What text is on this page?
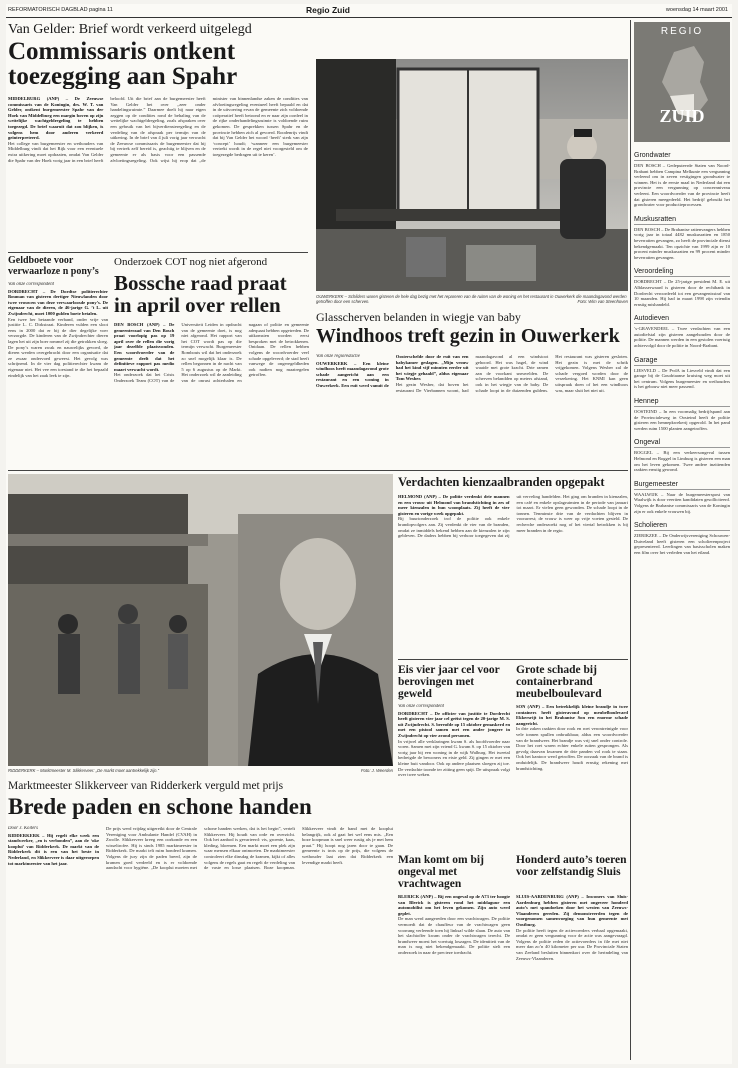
REFORMATORISCH DAGBLAD pagina 11	Regio Zuid	woensdag 14 maart 2001
Van Gelder: Brief wordt verkeerd uitgelegd
Commissaris ontkent toezegging aan Spahr
MIDDELBURG (ANP) – De Zeeuwse commissaris van de Koningin, drs. W. T. van Gelder, ontkent burgemeester Spahr van der Hoek van Middelburg een margin boven op zijn wettelijke wachtgeldregeling te hebben toegezegd. De brief waaruit dat zou blijken, is volgens hem door anderen verkeerd geïnterpreteerd.
Het college van burgemeester en wethouders van Middelburg vindt dat het Rijk voor een eventuele extra uitkering moet opdraaien, omdat Van Gelder die Spahr van der Hoek vorig jaar in een brief heeft beloofd. Uit die brief aan de burgemeester heeft Van Gelder het over „zeer onder handelingsruimte.” Daarmee doelt hij naar eigen zeggen op de condities rond de behaling van de wettelijke wachtgeldregeling, zoals afspraken over een gebruik van het bijverdiensteregeling en de verdeling van de afspraak per termijn van de uitkering. In de brief van 4 juli vorig jaar verwacht de Zeeuwse commissaris de burgemeester dat hij bij vertrek zelf bereid is, geachtig te blijven en de gemeente er als basis voor een passende afvloeiingsregeling. Ook wijst hij erop dat „de minister van binnenlandse zaken de condities van afvloeiingsregeling eventueel heeft bepaald en dat in de uitvoering ervan de gemeente zich voldoende coöperatief heeft betoond en er naar zijn oordeel in de rijke onderhandelingsruimte is voldoende ruim gekomen. De gesprekken tussen Spahr en de provincie hebben zich al gevoerd. Roodenrijs vindt dat bij Van Gelder het woord ‘heeft’ sterk van zijn ‘concept’ houdt; ‘wanneer een burgemeester vertrekt wordt in de regel niet voorgesteld om de toegezegde bedragen uit te keren’.
OUWERKERK – Schilders waren gisteren de hele dag bezig met het repareren van de ruiten van de woning en het restaurant in Ouwerkerk die maandagavond werden getroffen door een scherven.	Foto: Wim van Steenhoven
Geldboete voor verwaarloze n pony’s
Van onze correspondent
DORDRECHT – De Dordtse politierechter Bouman van gisteren dertiger Nieuwlanden door twee vrouwen van deze verwaarloosde pony’s. De eigenaar van de dieren, de 46-jarige G. ’t L. uit Zwijndrecht, moet 1000 gulden boete betalen.
Een twee her betaande verband, onder vrije van justitie L. C. Dirkstraat. Kinderen vulden een sloot eens in 2000 dat er bij de dier degelijke voer verzorgde. De kinderen van de Zwijndrechter dieren lagen het uit zijn boer rommel zij die getrokken sloeg. De pony’s waren zwak en nauwelijks gevoed, de dieren werden overgebracht door een organisatie dat ze zwaar ondervoed geweest. Het gevolg was schrijnend. In de vier dag politierechter kwam de eigenaar niet. Het vee een toestand te die het bepaald eindelijk van het zaak leek te zijn.
Onderzoek COT nog niet afgerond
Bossche raad praat in april over rellen
DEN BOSCH (ANP) – De gemeenteraad van Den Bosch praat voorlopig pas op 19 april over de rellen die vorig jaar dezelfde plaatsvonden. Een woordvoerder van de gemeente deelt dat het definitieve rapport pas medio maart verwacht wordt.
Het onderzoek dat het Crisis Onderzoek Team (COT) van de Universiteit Leiden in opdracht van de gemeente doet, is nog niet afgerond. Het rapport van het COT wordt pas op die termijn verwacht. Burgemeester Rombouts wil dat het onderzoek zo snel mogelijk klaar is. De rellen begonnen in de nacht van 5 op 6 augustus op de Markt. Het onderzoek wil de aanleiding van de onrust achterhalen en nagaan of politie en gemeente adequaat hebben opgetreden. De uitkomsten worden eerst besproken met de betrokkenen. Ontdaan. De rellen hebben volgens de woordvoerder veel schade opgeleverd; de stad heeft vanwege de ongeregeldheden ook nadien nog maatregelen getroffen.
Glasscherven belanden in wiegje van baby
Windhoos treft gezin in Ouwerkerk
Van onze regioredactie
OUWERKERK – Een kleine windhoos heeft maandagavond grote schade aangericht aan een restaurant en een woning in Ouwerkerk. Een ruit werd vanuit de Oosterschelde door de ruit van een babykamer geslagen. „Mijn vrouw had het kind vijf minuten eerder uit het wiegje gehaald”, aldus eigenaar Tom Wesber.
Het gezin Wesber, dat boven het restaurant De Vierbannen woont, had maandagavond al een windstoot gehoord. Het was hagel, de wind waaide met grote kracht. Drie ramen aan de voorkant sneuvelden. De scherven belandden op meters afstand, ook in het wiegje van de baby. De schade loopt in de duizenden guldens. Het restaurant was gisteren gesloten. Het gezin is met de schrik vrijgekomen. Volgens Wesber zal de schade vergoed worden door de verzekering. Het KNMI kan geen uitspraak doen of het een windhoos was, maar sluit het niet uit.
RIDDERKERK – Marktmeester M. Slikkerveer: „De markt moet aantrekkelijk zijn.”	Foto: J. Weerden
Verdachten kienzaalbranden opgepakt
HELMOND (ANP) – De politie verdenkt drie mannen en een vrouw uit Helmond van brandstichting in zes of meer kienzalen in hun woonplaats. Zij heeft de vier gisteren en vorige week opgepakt.
Bij buurtonderzoek trof de politie ook enkele brandopvolgers aan. Zij verdenkt de vier van de branden, omdat ze inmiddels bekend hebben aan de kienzalen te zijn gebleven. De daders hebben bij verhoor toegegeven dat zij uit verveling handelden. Het ging om branden in kienzalen, een café en enkele opslagruimten in de periode van januari tot maart. Er vielen geen gewonden. De schade loopt in de tonnen. Tenminste drie van de verdachten blijven in voorarrest; de vrouw is weer op vrije voeten gesteld. De recherche onderzoekt nog of het viertal betrokken is bij meer branden in de regio.
Eis vier jaar cel voor berovingen met geweld
Van onze correspondent
DORDRECHT – De officier van justitie te Dordrecht heeft gisteren vier jaar cel geëist tegen de 20-jarige M. S. uit Zwijndrecht. S. bereofde op 15 oktober gemaskerd en met een pistool samen met een ander jongere in Zwijndrecht op vier avond personen.
In vrijwel alle verklaringen kwam S. als hoofdvoerder naar voren. Samen met zijn vriend G. kwam S. op 15 oktober van vorig jaar bij een woning in de wijk Walburg. Het tweetal bedreigde de bewoners en eiste geld. Zij gingen er met een kleine buit vandoor. Ook op andere plaatsen sloegen zij toe. De verdachte toonde ter zitting geen spijt. De uitspraak volgt over twee weken.
Grote schade bij containerbrand meubelboulevard
SON (ANP) – Een betrekkelijk kleine brandje in twee containers heeft gisteravond op meubelboulevard Ekkersrijt in het Brabantse Son een enorme schade aangericht.
In drie zaken raakten door rook en roet verontreinigde voor vele tonnen spullen onbruikbaar, aldus een woordvoerder van de brandweer. Het brandje was vrij snel onder controle. Door het roet waren echter enkele ruiten gesprongen. Als gevolg daarvan kwamen de drie panden vol rook te staan. Ook het kantoor werd getroffen. De oorzaak van de brand is onduidelijk. De brandweer houdt ernstig rekening met brandstichting.
Marktmeester Slikkerveer van Ridderkerk verguld met prijs
Brede paden en schone handen
Door J. Koiters
RIDDERKERK – Hij regelt elke week een standwerker, „en is verbonden”, aan de ‘oke kooplui’ van Ridderkerk. De markt van de Ridderkerk dit is een van het beste in Nederland, en Slikkerveer is daar uitgeroepen tot marktmeester van het jaar.
De prijs werd vrijdag uitgereikt door de Centrale Vereniging voor Ambulante Handel (CVAH) in Zwolle. Slikkerveer kreeg een oorkonde en een wisseltrofee. Hij is sinds 1985 marktmeester in Ridderkerk. De markt telt ruim honderd kramen. Volgens de jury zijn de paden breed, zijn de kramen goed verdeeld en is er voldoende aandacht voor hygiëne. „De kooplui moeten met schone handen werken, dat is het begin”, vertelt Slikkerveer. Hij houdt van orde en overzicht. Ook het aanbod is gevarieerd: vis, groente, kaas, kleding, bloemen. Een markt moet een plek zijn waar mensen elkaar ontmoeten. De marktmeester controleert elke dinsdag de kramen, kijkt of alles volgens de regels gaat en regelt de verdeling van de vaste en losse plaatsen. Boze koopman. Slikkerveer vindt de band met de kooplui belangrijk, ook al gaat het wel eens mis. „Een boze koopman is snel weer rustig als je met hem praat.” Hij hoopt nog jaren door te gaan. De gemeente is trots op de prijs, die volgens de wethouder laat zien dat Ridderkerk een levendige markt heeft.	Man komt om bij ongeval met vrachtwagen
BLERICK (ANP) – Bij een ongeval op de A73 ter hoogte van Blerick is gisteren rond het middaguur een automobilist om het leven gekomen. Zijn auto werd geplet.
De man werd aangereden door een vrachtwagen. De politie vermoedt dat de chauffeur van de vrachtwagen geen voorrang verleende toen hij linksaf wilde slaan. De auto van het slachtoffer kwam onder de vrachtwagen terecht. De brandweer moest het voertuig loszagen. De identiteit van de man is nog niet bekendgemaakt. De politie stelt een onderzoek in naar de precieze toedracht.
Honderd auto’s toeren voor zelfstandig Sluis
SLUIS-AARDENBURG (ANP) – Inwoners van Sluis-Aardenburg hebben gisteren met ongeveer honderd auto’s met spandoeken door het westen van Zeeuws-Vlaanderen gereden. Zij demonstreerden tegen de voorgenomen samenvoeging van hun gemeente met Oostburg.
De politie heeft tegen de actievoerders verbaal opgemaakt, omdat er geen vergunning voor de actie was aangevraagd. Volgens de politie reden de actievoerders in file met niet meer dan zo’n 40 kilometer per uur. De Provinciale Staten van Zeeland besluiten binnenkort over de herindeling van Zeeuws-Vlaanderen.
REGIO
ZUID
Grondwater
DEN BOSCH – Gedeputeerde Staten van Noord-Brabant hebben Campina Melkunie een vergunning verleend om in zeven vestigingen grondwater te winnen. Het is de eerste maal in Nederland dat een provincie een vergunning op concernniveau verleent. Een woordvoerder van de provincie heeft dat gisteren meegedeeld. Het bedrijf gebruikt het grondwater voor productieprocessen.
Muskusratten
DEN BOSCH – De Brabantse rattenvangers hebben vorig jaar in totaal 4482 muskusratten en 1850 beverratten gevangen, zo heeft de provinciale dienst bekendgemaakt. Ten opzichte van 1999 zijn er 10 procent minder muskusratten en 99 procent minder beverratten gevangen.
Veroordeling
DORDRECHT – De 25-jarige president M. E. uit Alblasserwaard is gisteren door de rechtbank in Dordrecht veroordeeld tot een gevangenisstraf van 10 maanden. Hij had in maart 1998 zijn vriendin ernstig mishandeld.
Autodieven
’s-GRAVENDEEL – Twee verdachten van een autodiefstal zijn gisteren aangehouden door de politie. De mannen werden in een gestolen voertuig achtervolgd door de politie in Noord-Brabant.
Garage
LIESVELD – De PvdA in Liesveld vindt dat een garage bij de Goudriaanse kruising weg moet uit het centrum. Volgens burgemeester en wethouders is het gebouw niet meer passend.
Hennep
OOSTEIND – In een voormalig bedrijfspand aan de Provincialeweg in Oosteind heeft de politie gisteren een hennepkwekerij opgerold. In het pand werden ruim 1500 planten aangetroffen.
Ongeval
BOGGEL – Bij een verkeersongeval tussen Helmond en Boggel in Limburg is gisteren een man om het leven gekomen. Twee andere inzittenden raakten ernstig gewond.
Burgemeester
WAALWIJK – Naar de burgemeesterspost van Waalwijk is door veertien kandidaten gesolliciteerd. Volgens de Brabantse commissaris van de Koningin zijn er ook enkele vrouwen bij.
Scholieren
ZIERIKZEE – De Onderwijsvereniging Schouwen-Duiveland heeft gisteren een scholierenproject gepresenteerd. Leerlingen van basisscholen maken een film over het verleden van het eiland.
